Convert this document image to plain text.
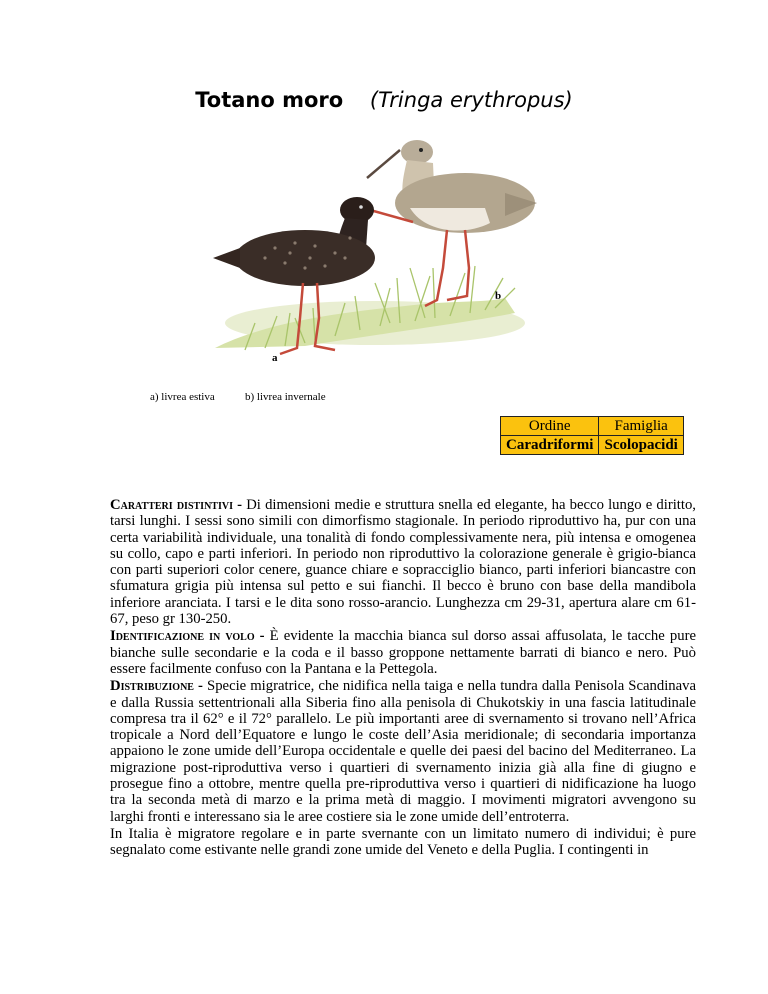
Totano moro (Tringa erythropus)
a
b
a) livrea estiva	b) livrea invernale
Ordine	Famiglia
Caradriformi	Scolopacidi

Caratteri distintivi - Di dimensioni medie e struttura snella ed elegante, ha becco lungo e diritto, tarsi lunghi. I sessi sono simili con dimorfismo stagionale. In periodo riproduttivo ha, pur con una certa variabilità individuale, una tonalità di fondo complessivamente nera, più intensa e omogenea su collo, capo e parti inferiori. In periodo non riproduttivo la colorazione generale è grigio-bianca con parti superiori color cenere, guance chiare e sopracciglio bianco, parti inferiori biancastre con sfumatura grigia più intensa sul petto e sui fianchi. Il becco è bruno con base della mandibola inferiore aranciata. I tarsi e le dita sono rosso-arancio. Lunghezza cm 29-31, apertura alare cm 61-67, peso gr 130-250.

Identificazione in volo - È evidente la macchia bianca sul dorso assai affusolata, le tacche pure bianche sulle secondarie e la coda e il basso groppone nettamente barrati di bianco e nero. Può essere facilmente confuso con la Pantana e la Pettegola.

Distribuzione - Specie migratrice, che nidifica nella taiga e nella tundra dalla Penisola Scandinava e dalla Russia settentrionali alla Siberia fino alla penisola di Chukotskiy in una fascia latitudinale compresa tra il 62° e il 72° parallelo. Le più importanti aree di svernamento si trovano nell’Africa tropicale a Nord dell’Equatore e lungo le coste dell’Asia meridionale; di secondaria importanza appaiono le zone umide dell’Europa occidentale e quelle dei paesi del bacino del Mediterraneo. La migrazione post-riproduttiva verso i quartieri di svernamento inizia già alla fine di giugno e prosegue fino a ottobre, mentre quella pre-riproduttiva verso i quartieri di nidificazione ha luogo tra la seconda metà di marzo e la prima metà di maggio. I movimenti migratori avvengono su larghi fronti e interessano sia le aree costiere sia le zone umide dell’entroterra.

In Italia è migratore regolare e in parte svernante con un limitato numero di individui; è pure segnalato come estivante nelle grandi zone umide del Veneto e della Puglia. I contingenti in
